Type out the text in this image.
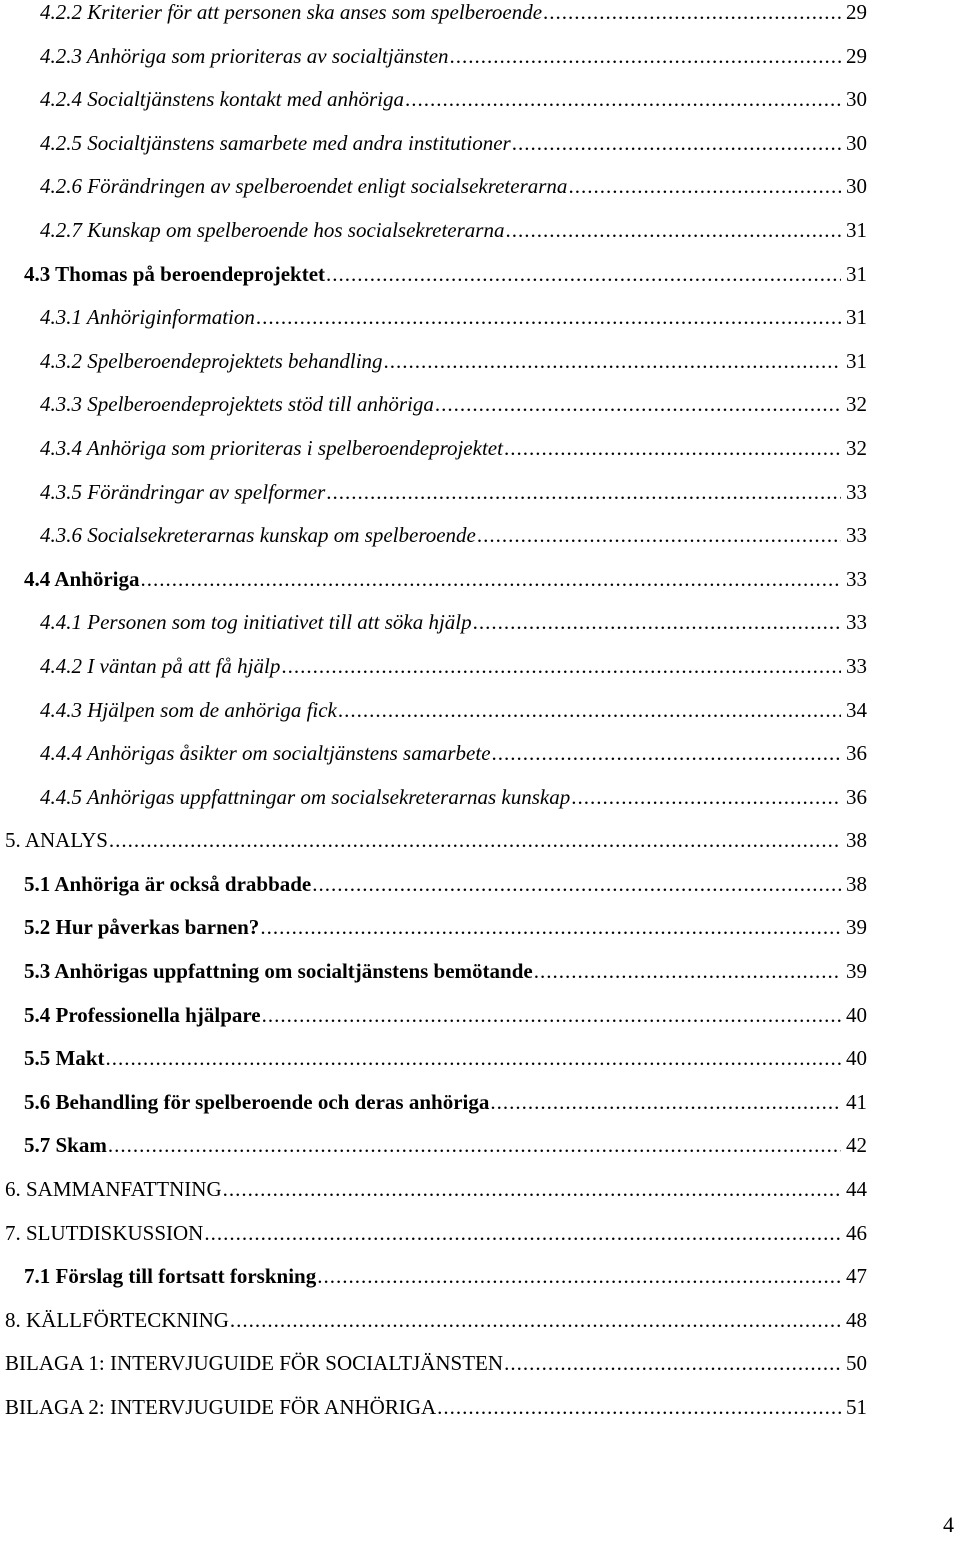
4.2.2 Kriterier för att personen ska anses som spelberoende .....	29
4.2.3 Anhöriga som prioriteras av socialtjänsten .....	29
4.2.4 Socialtjänstens kontakt med anhöriga .....	30
4.2.5 Socialtjänstens samarbete med andra institutioner .....	30
4.2.6 Förändringen av spelberoendet enligt socialsekreterarna .....	30
4.2.7 Kunskap om spelberoende hos socialsekreterarna .....	31
4.3 Thomas på beroendeprojektet .....	31
4.3.1 Anhöriginformation .....	31
4.3.2 Spelberoendeprojektets behandling .....	31
4.3.3 Spelberoendeprojektets stöd till anhöriga .....	32
4.3.4 Anhöriga som prioriteras i spelberoendeprojektet .....	32
4.3.5 Förändringar av spelformer .....	33
4.3.6 Socialsekreterarnas kunskap om spelberoende .....	33
4.4 Anhöriga .....	33
4.4.1 Personen som tog initiativet till att söka hjälp .....	33
4.4.2 I väntan på att få hjälp .....	33
4.4.3 Hjälpen som de anhöriga fick .....	34
4.4.4 Anhörigas åsikter om socialtjänstens samarbete .....	36
4.4.5 Anhörigas uppfattningar om socialsekreterarnas kunskap .....	36
5. ANALYS .....	38
5.1 Anhöriga är också drabbade .....	38
5.2 Hur påverkas barnen? .....	39
5.3 Anhörigas uppfattning om socialtjänstens bemötande .....	39
5.4 Professionella hjälpare .....	40
5.5 Makt .....	40
5.6 Behandling för spelberoende och deras anhöriga .....	41
5.7 Skam .....	42
6. SAMMANFATTNING .....	44
7. SLUTDISKUSSION .....	46
7.1 Förslag till fortsatt forskning .....	47
8. KÄLLFÖRTECKNING .....	48
BILAGA 1: INTERVJUGUIDE FÖR SOCIALTJÄNSTEN .....	50
BILAGA 2: INTERVJUGUIDE FÖR ANHÖRIGA .....	51
4
